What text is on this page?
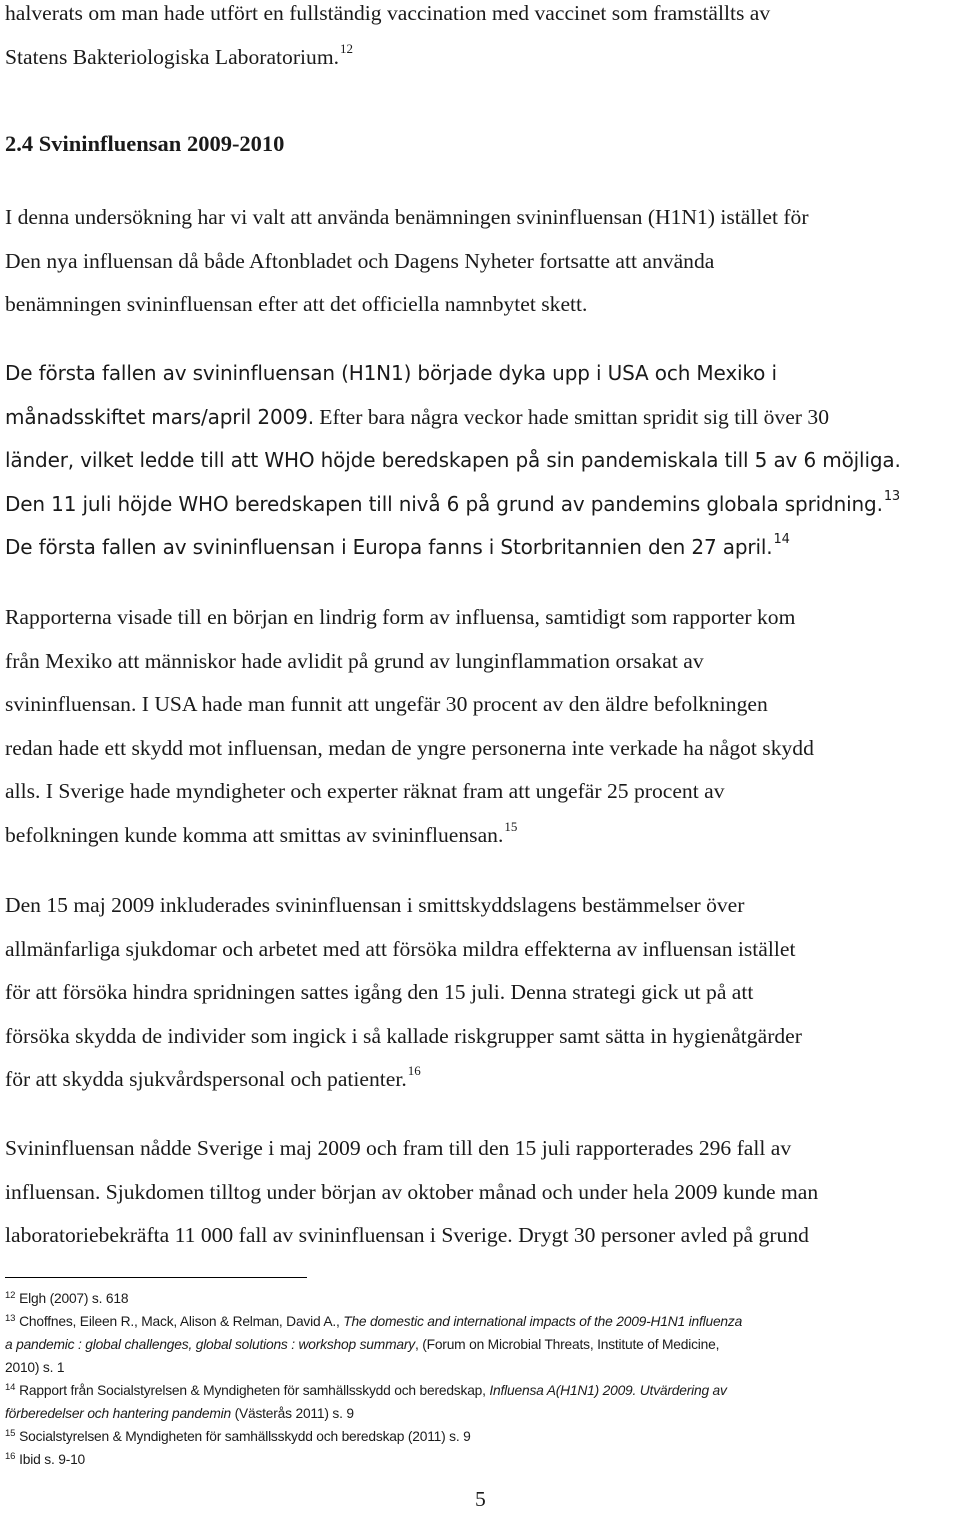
halverats om man hade utfört en fullständig vaccination med vaccinet som framställts av
Statens Bakteriologiska Laboratorium.$^{12}$
2.4 Svininfluensan 2009-2010
I denna undersökning har vi valt att använda benämningen svininfluensan (H1N1) istället för
Den nya influensan då både Aftonbladet och Dagens Nyheter fortsatte att använda
benämningen svininfluensan efter att det officiella namnbytet skett.
De första fallen av svininfluensan (H1N1) började dyka upp i USA och Mexiko i
månadsskiftet mars/april 2009. Efter bara några veckor hade smittan spridit sig till över 30
länder, vilket ledde till att WHO höjde beredskapen på sin pandemiskala till 5 av 6 möjliga.
Den 11 juli höjde WHO beredskapen till nivå 6 på grund av pandemins globala spridning.$^{13}$
De första fallen av svininfluensan i Europa fanns i Storbritannien den 27 april.$^{14}$
Rapporterna visade till en början en lindrig form av influensa, samtidigt som rapporter kom
från Mexiko att människor hade avlidit på grund av lunginflammation orsakat av
svininfluensan. I USA hade man funnit att ungefär 30 procent av den äldre befolkningen
redan hade ett skydd mot influensan, medan de yngre personerna inte verkade ha något skydd
alls. I Sverige hade myndigheter och experter räknat fram att ungefär 25 procent av
befolkningen kunde komma att smittas av svininfluensan.$^{15}$
Den 15 maj 2009 inkluderades svininfluensan i smittskyddslagens bestämmelser över
allmänfarliga sjukdomar och arbetet med att försöka mildra effekterna av influensan istället
för att försöka hindra spridningen sattes igång den 15 juli. Denna strategi gick ut på att
försöka skydda de individer som ingick i så kallade riskgrupper samt sätta in hygienåtgärder
för att skydda sjukvårdspersonal och patienter.$^{16}$
Svininfluensan nådde Sverige i maj 2009 och fram till den 15 juli rapporterades 296 fall av
influensan. Sjukdomen tilltog under början av oktober månad och under hela 2009 kunde man
laboratoriebekräfta 11 000 fall av svininfluensan i Sverige. Drygt 30 personer avled på grund
$^{12}$ Elgh (2007) s. 618
$^{13}$ Choffnes, Eileen R., Mack, Alison & Relman, David A., The domestic and international impacts of the 2009-H1N1 influenza
a pandemic : global challenges, global solutions : workshop summary, (Forum on Microbial Threats, Institute of Medicine,
2010) s. 1
$^{14}$ Rapport från Socialstyrelsen & Myndigheten för samhällsskydd och beredskap, Influensa A(H1N1) 2009. Utvärdering av
förberedelser och hantering pandemin (Västerås 2011) s. 9
$^{15}$ Socialstyrelsen & Myndigheten för samhällsskydd och beredskap (2011) s. 9
$^{16}$ Ibid s. 9-10
5
